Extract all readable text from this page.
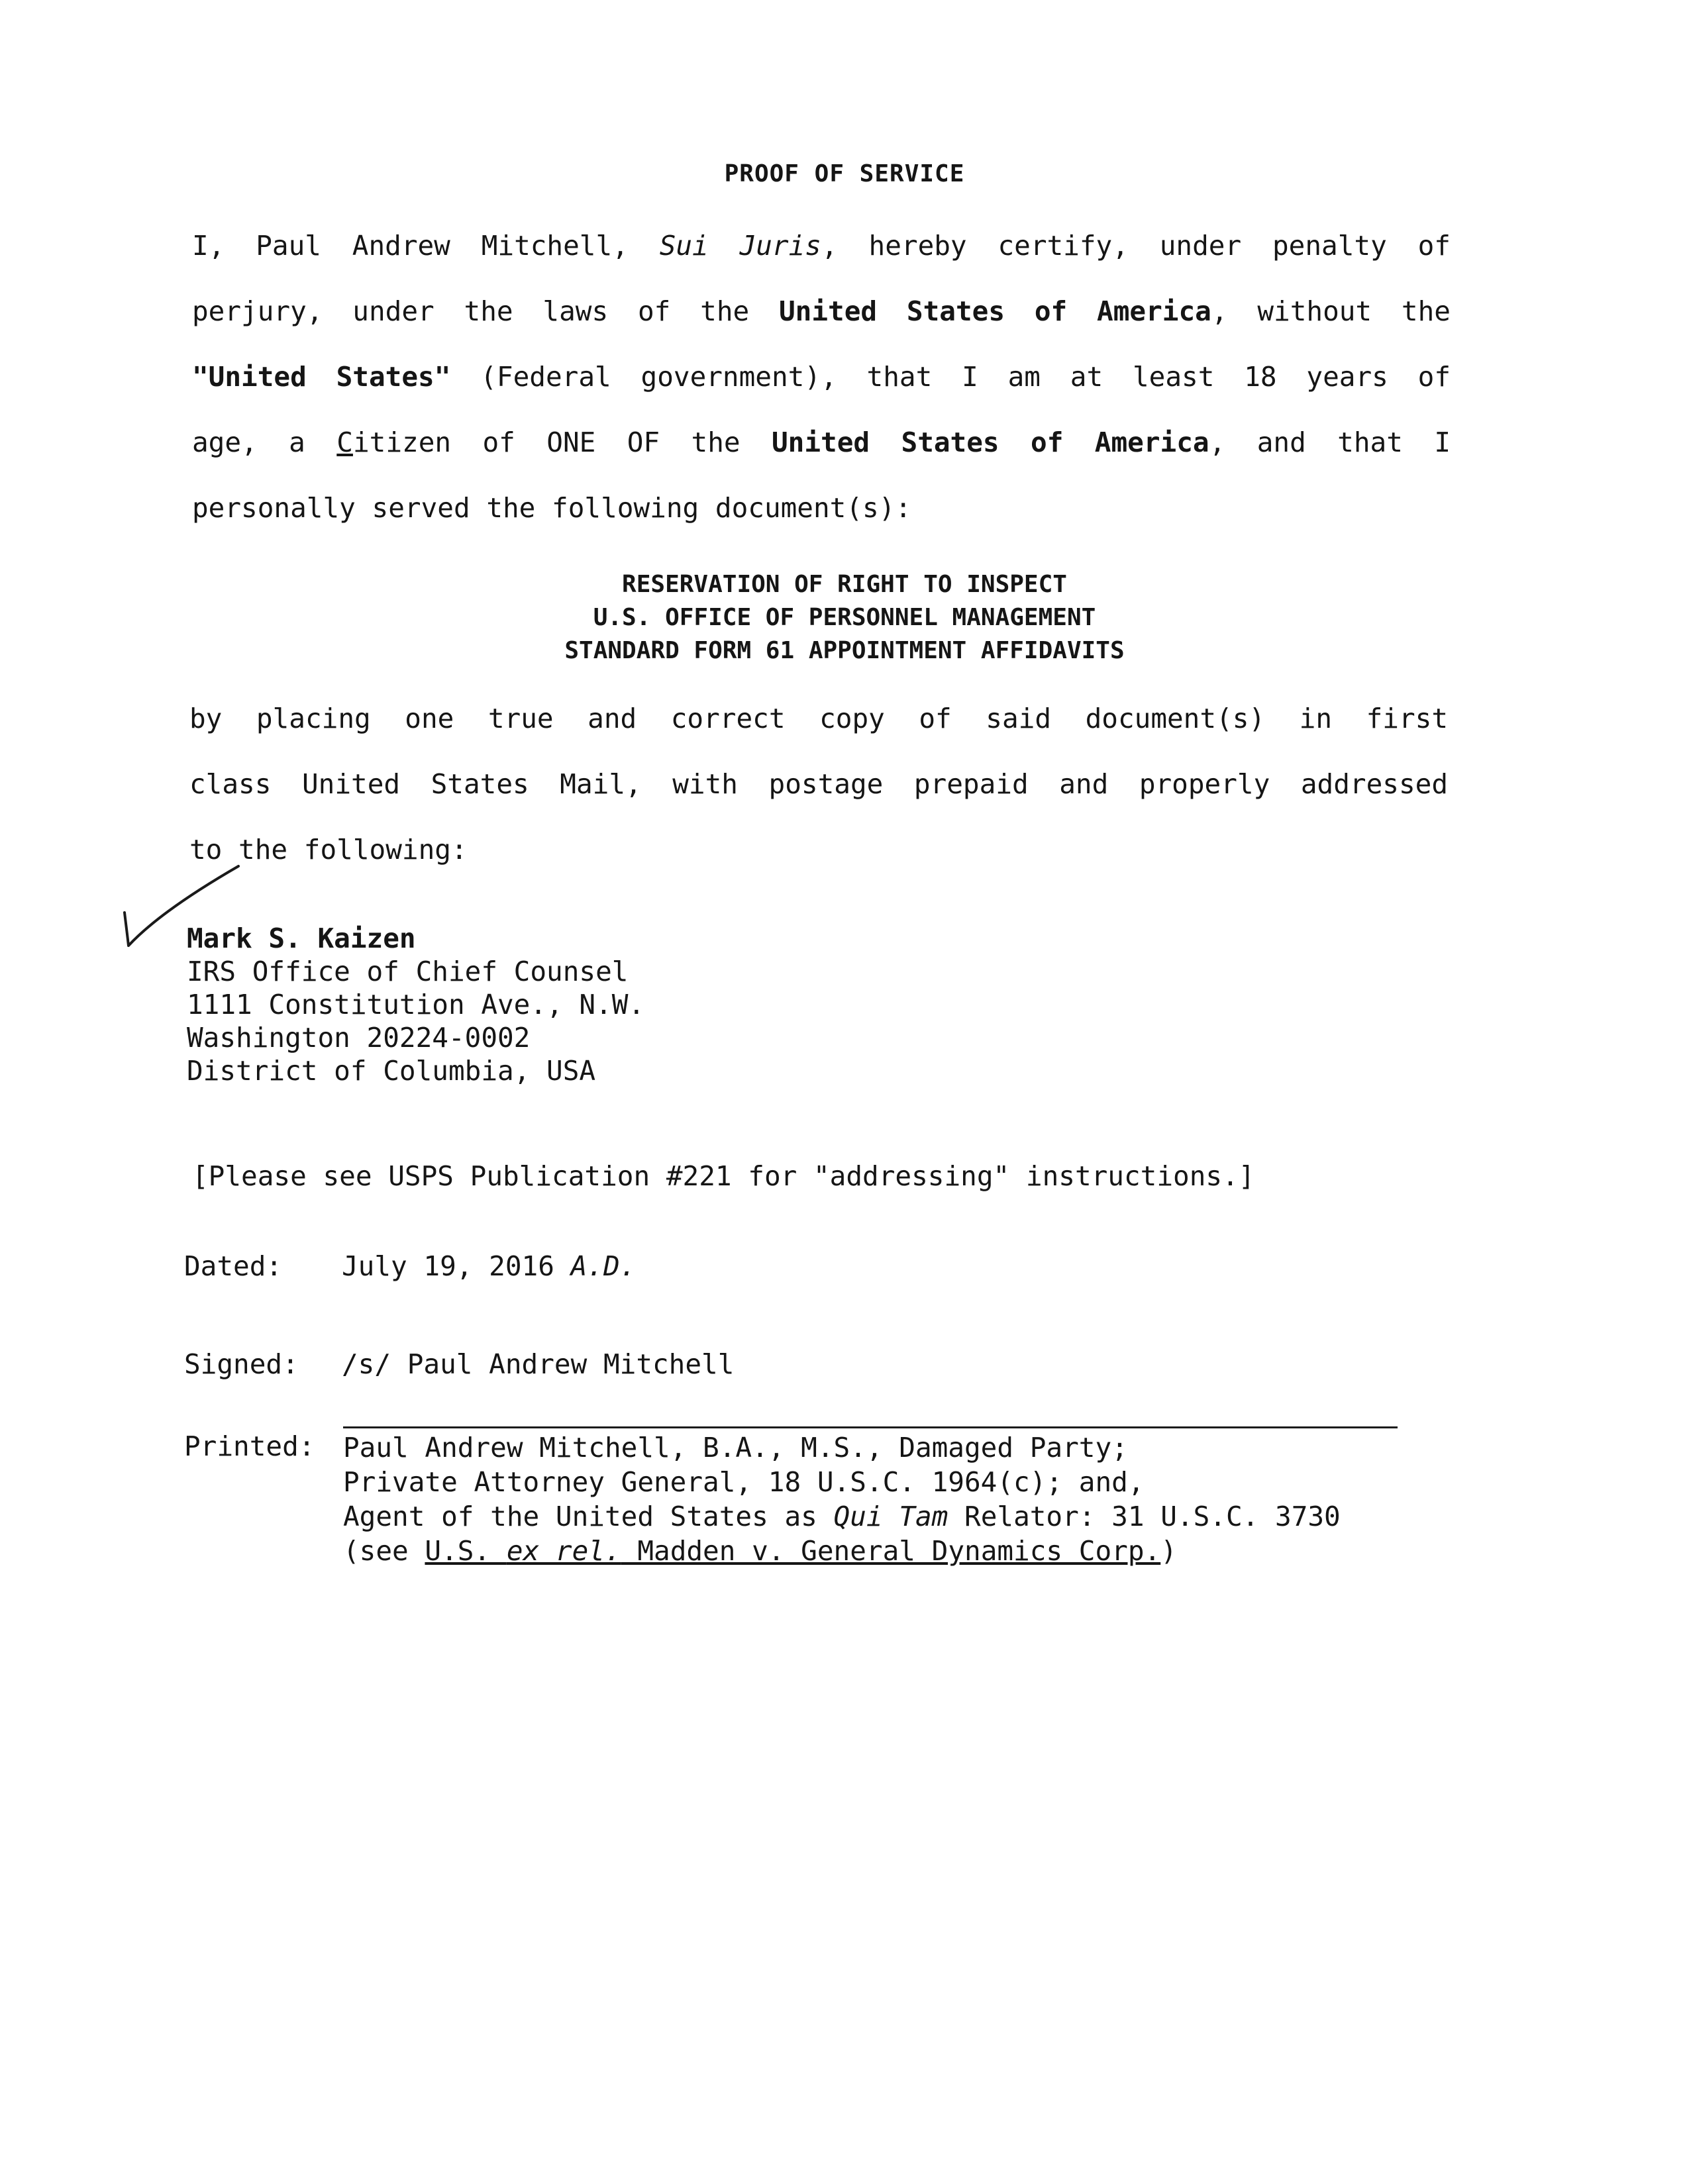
PROOF OF SERVICE
I, Paul Andrew Mitchell, Sui Juris, hereby certify, under penalty of
perjury, under the laws of the United States of America, without the
"United States" (Federal government), that I am at least 18 years of
age, a Citizen of ONE OF the United States of America, and that I
personally served the following document(s):
RESERVATION OF RIGHT TO INSPECT
U.S. OFFICE OF PERSONNEL MANAGEMENT
STANDARD FORM 61 APPOINTMENT AFFIDAVITS
by placing one true and correct copy of said document(s) in first
class United States Mail, with postage prepaid and properly addressed
to the following:
Mark S. Kaizen
IRS Office of Chief Counsel
1111 Constitution Ave., N.W.
Washington 20224-0002
District of Columbia, USA
[Please see USPS Publication #221 for "addressing" instructions.]
Dated: July 19, 2016 A.D.
Signed: /s/ Paul Andrew Mitchell
Printed:	Paul Andrew Mitchell, B.A., M.S., Damaged Party;
Private Attorney General, 18 U.S.C. 1964(c); and,
Agent of the United States as Qui Tam Relator: 31 U.S.C. 3730
(see U.S. ex rel. Madden v. General Dynamics Corp.)
